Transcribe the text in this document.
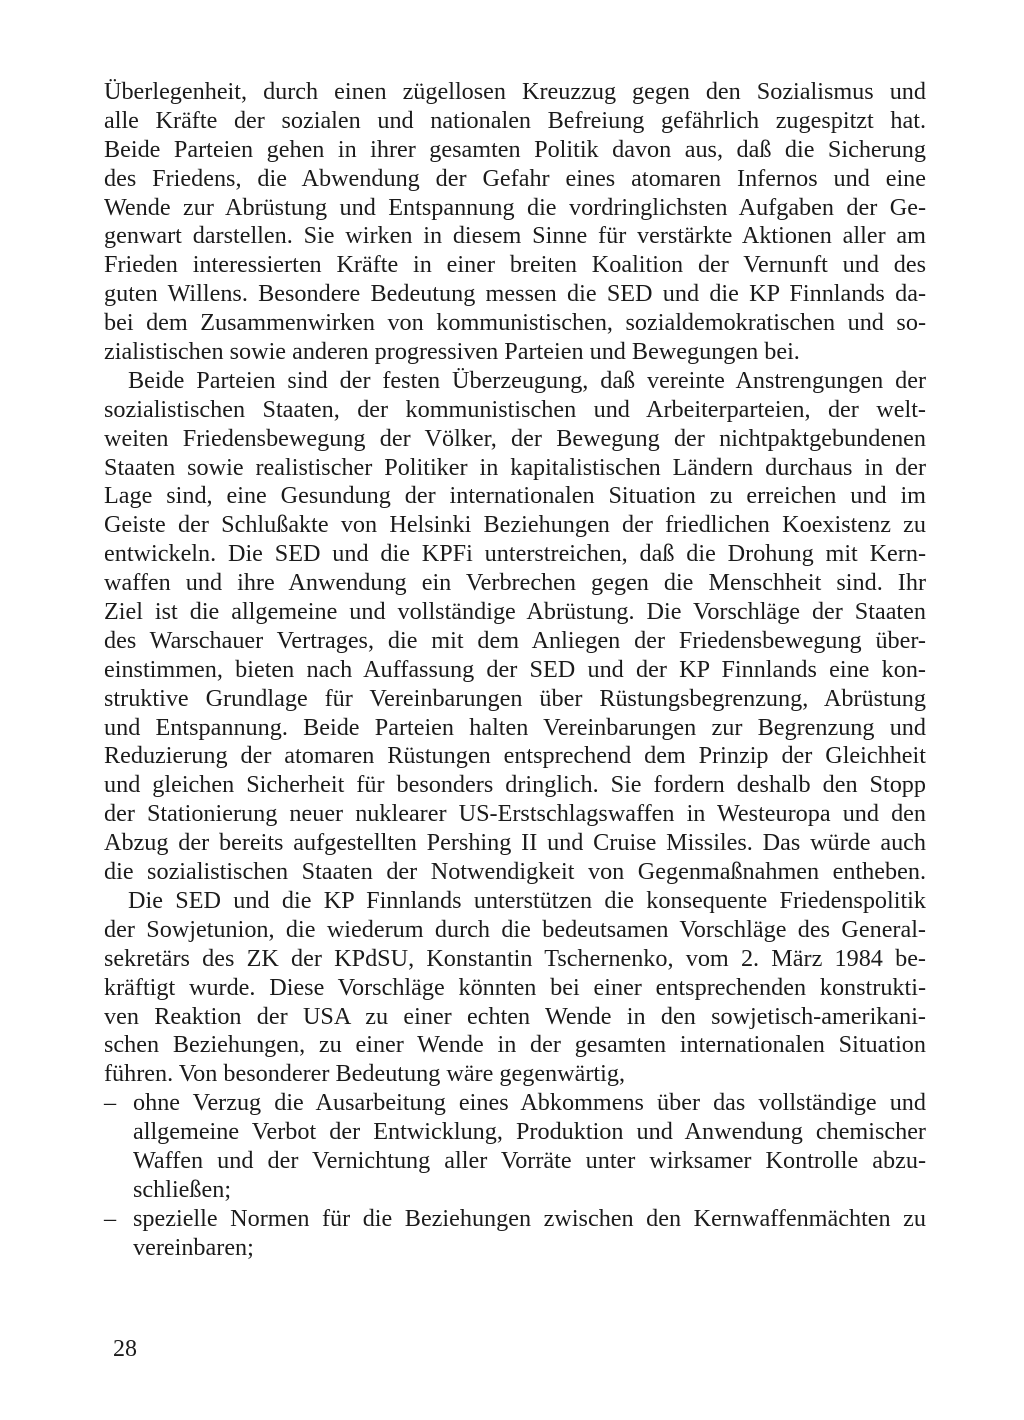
Überlegenheit, durch einen zügellosen Kreuzzug gegen den Sozialismus und
alle Kräfte der sozialen und nationalen Befreiung gefährlich zugespitzt hat.
Beide Parteien gehen in ihrer gesamten Politik davon aus, daß die Sicherung
des Friedens, die Abwendung der Gefahr eines atomaren Infernos und eine
Wende zur Abrüstung und Entspannung die vordringlichsten Aufgaben der Ge-
genwart darstellen. Sie wirken in diesem Sinne für verstärkte Aktionen aller am
Frieden interessierten Kräfte in einer breiten Koalition der Vernunft und des
guten Willens. Besondere Bedeutung messen die SED und die KP Finnlands da-
bei dem Zusammenwirken von kommunistischen, sozialdemokratischen und so-
zialistischen sowie anderen progressiven Parteien und Bewegungen bei.
Beide Parteien sind der festen Überzeugung, daß vereinte Anstrengungen der
sozialistischen Staaten, der kommunistischen und Arbeiterparteien, der welt-
weiten Friedensbewegung der Völker, der Bewegung der nichtpaktgebundenen
Staaten sowie realistischer Politiker in kapitalistischen Ländern durchaus in der
Lage sind, eine Gesundung der internationalen Situation zu erreichen und im
Geiste der Schlußakte von Helsinki Beziehungen der friedlichen Koexistenz zu
entwickeln. Die SED und die KPFi unterstreichen, daß die Drohung mit Kern-
waffen und ihre Anwendung ein Verbrechen gegen die Menschheit sind. Ihr
Ziel ist die allgemeine und vollständige Abrüstung. Die Vorschläge der Staaten
des Warschauer Vertrages, die mit dem Anliegen der Friedensbewegung über-
einstimmen, bieten nach Auffassung der SED und der KP Finnlands eine kon-
struktive Grundlage für Vereinbarungen über Rüstungsbegrenzung, Abrüstung
und Entspannung. Beide Parteien halten Vereinbarungen zur Begrenzung und
Reduzierung der atomaren Rüstungen entsprechend dem Prinzip der Gleichheit
und gleichen Sicherheit für besonders dringlich. Sie fordern deshalb den Stopp
der Stationierung neuer nuklearer US-Erstschlagswaffen in Westeuropa und den
Abzug der bereits aufgestellten Pershing II und Cruise Missiles. Das würde auch
die sozialistischen Staaten der Notwendigkeit von Gegenmaßnahmen entheben.
Die SED und die KP Finnlands unterstützen die konsequente Friedenspolitik
der Sowjetunion, die wiederum durch die bedeutsamen Vorschläge des General-
sekretärs des ZK der KPdSU, Konstantin Tschernenko, vom 2. März 1984 be-
kräftigt wurde. Diese Vorschläge könnten bei einer entsprechenden konstrukti-
ven Reaktion der USA zu einer echten Wende in den sowjetisch-amerikani-
schen Beziehungen, zu einer Wende in der gesamten internationalen Situation
führen. Von besonderer Bedeutung wäre gegenwärtig,
– ohne Verzug die Ausarbeitung eines Abkommens über das vollständige und
allgemeine Verbot der Entwicklung, Produktion und Anwendung chemischer
Waffen und der Vernichtung aller Vorräte unter wirksamer Kontrolle abzu-
schließen;
– spezielle Normen für die Beziehungen zwischen den Kernwaffenmächten zu
vereinbaren;
28
